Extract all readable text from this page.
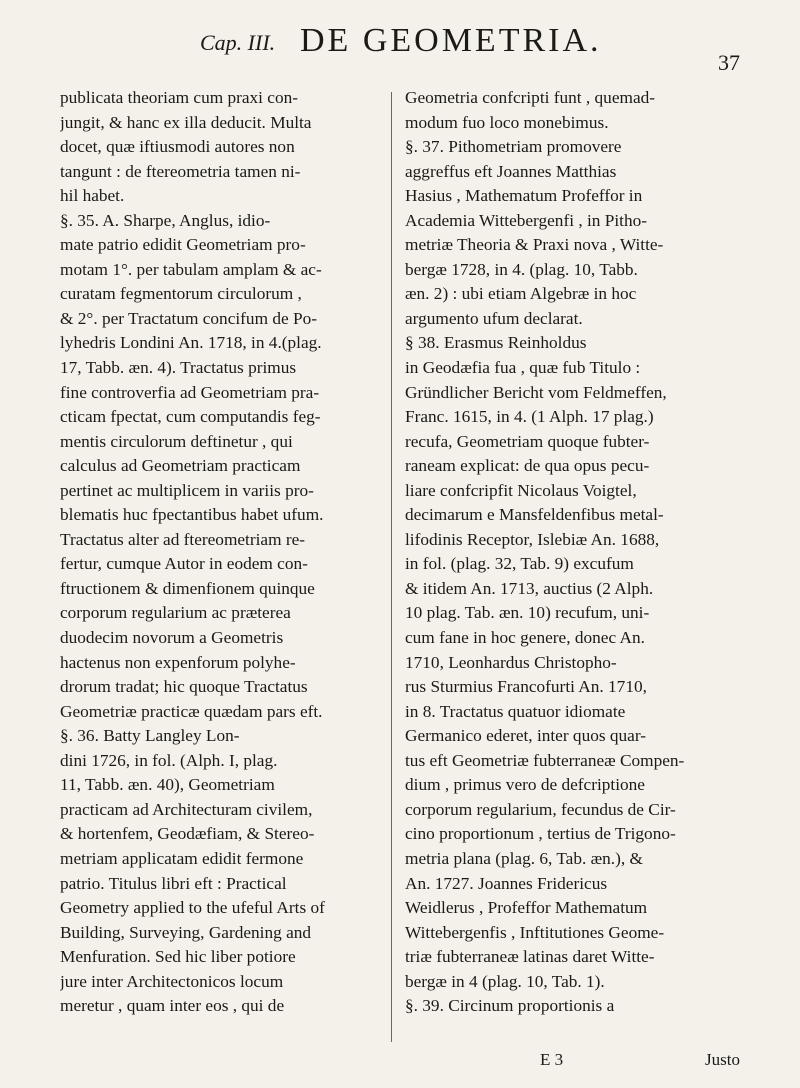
Cap. III. DE GEOMETRIA.
37
publicata theoriam cum praxi con-
jungit, & hanc ex illa deducit. Multa
docet, quæ iftiusmodi autores non
tangunt : de ftereometria tamen ni-
hil habet.
§. 35. A. Sharpe, Anglus, idio-
mate patrio edidit Geometriam pro-
motam 1°. per tabulam amplam & ac-
curatam fegmentorum circulorum ,
& 2°. per Tractatum concifum de Po-
lyhedris Londini An. 1718, in 4.(plag.
17, Tabb. æn. 4). Tractatus primus
fine controverfia ad Geometriam pra-
cticam fpectat, cum computandis feg-
mentis circulorum deftinetur , qui
calculus ad Geometriam practicam
pertinet ac multiplicem in variis pro-
blematis huc fpectantibus habet ufum.
Tractatus alter ad ftereometriam re-
fertur, cumque Autor in eodem con-
ftructionem & dimenfionem quinque
corporum regularium ac præterea
duodecim novorum a Geometris
hactenus non expenforum polyhe-
drorum tradat; hic quoque Tractatus
Geometriæ practicæ quædam pars eft.
§. 36. Batty Langley Lon-
dini 1726, in fol. (Alph. I, plag.
11, Tabb. æn. 40), Geometriam
practicam ad Architecturam civilem,
& hortenfem, Geodæfiam, & Stereo-
metriam applicatam edidit fermone
patrio. Titulus libri eft : Practical
Geometry applied to the ufeful Arts of
Building, Surveying, Gardening and
Menfuration. Sed hic liber potiore
jure inter Architectonicos locum
meretur , quam inter eos , qui de
Geometria confcripti funt , quemad-
modum fuo loco monebimus.
§. 37. Pithometriam promovere
aggreffus eft Joannes Matthias
Hasius , Mathematum Profeffor in
Academia Wittebergenfi , in Pitho-
metriæ Theoria & Praxi nova , Witte-
bergæ 1728, in 4. (plag. 10, Tabb.
æn. 2) : ubi etiam Algebræ in hoc
argumento ufum declarat.
§ 38. Erasmus Reinholdus
in Geodæfia fua , quæ fub Titulo :
Gründlicher Bericht vom Feldmeffen,
Franc. 1615, in 4. (1 Alph. 17 plag.)
recufa, Geometriam quoque fubter-
raneam explicat: de qua opus pecu-
liare confcripfit Nicolaus Voigtel,
decimarum e Mansfeldenfibus metal-
lifodinis Receptor, Islebiæ An. 1688,
in fol. (plag. 32, Tab. 9) excufum
& itidem An. 1713, auctius (2 Alph.
10 plag. Tab. æn. 10) recufum, uni-
cum fane in hoc genere, donec An.
1710, Leonhardus Christopho-
rus Sturmius Francofurti An. 1710,
in 8. Tractatus quatuor idiomate
Germanico ederet, inter quos quar-
tus eft Geometriæ fubterraneæ Compen-
dium , primus vero de defcriptione
corporum regularium, fecundus de Cir-
cino proportionum , tertius de Trigono-
metria plana (plag. 6, Tab. æn.), &
An. 1727. Joannes Fridericus
Weidlerus , Profeffor Mathematum
Wittebergenfis , Inftitutiones Geome-
triæ fubterraneæ latinas daret Witte-
bergæ in 4 (plag. 10, Tab. 1).
§. 39. Circinum proportionis a
E 3	Justo
